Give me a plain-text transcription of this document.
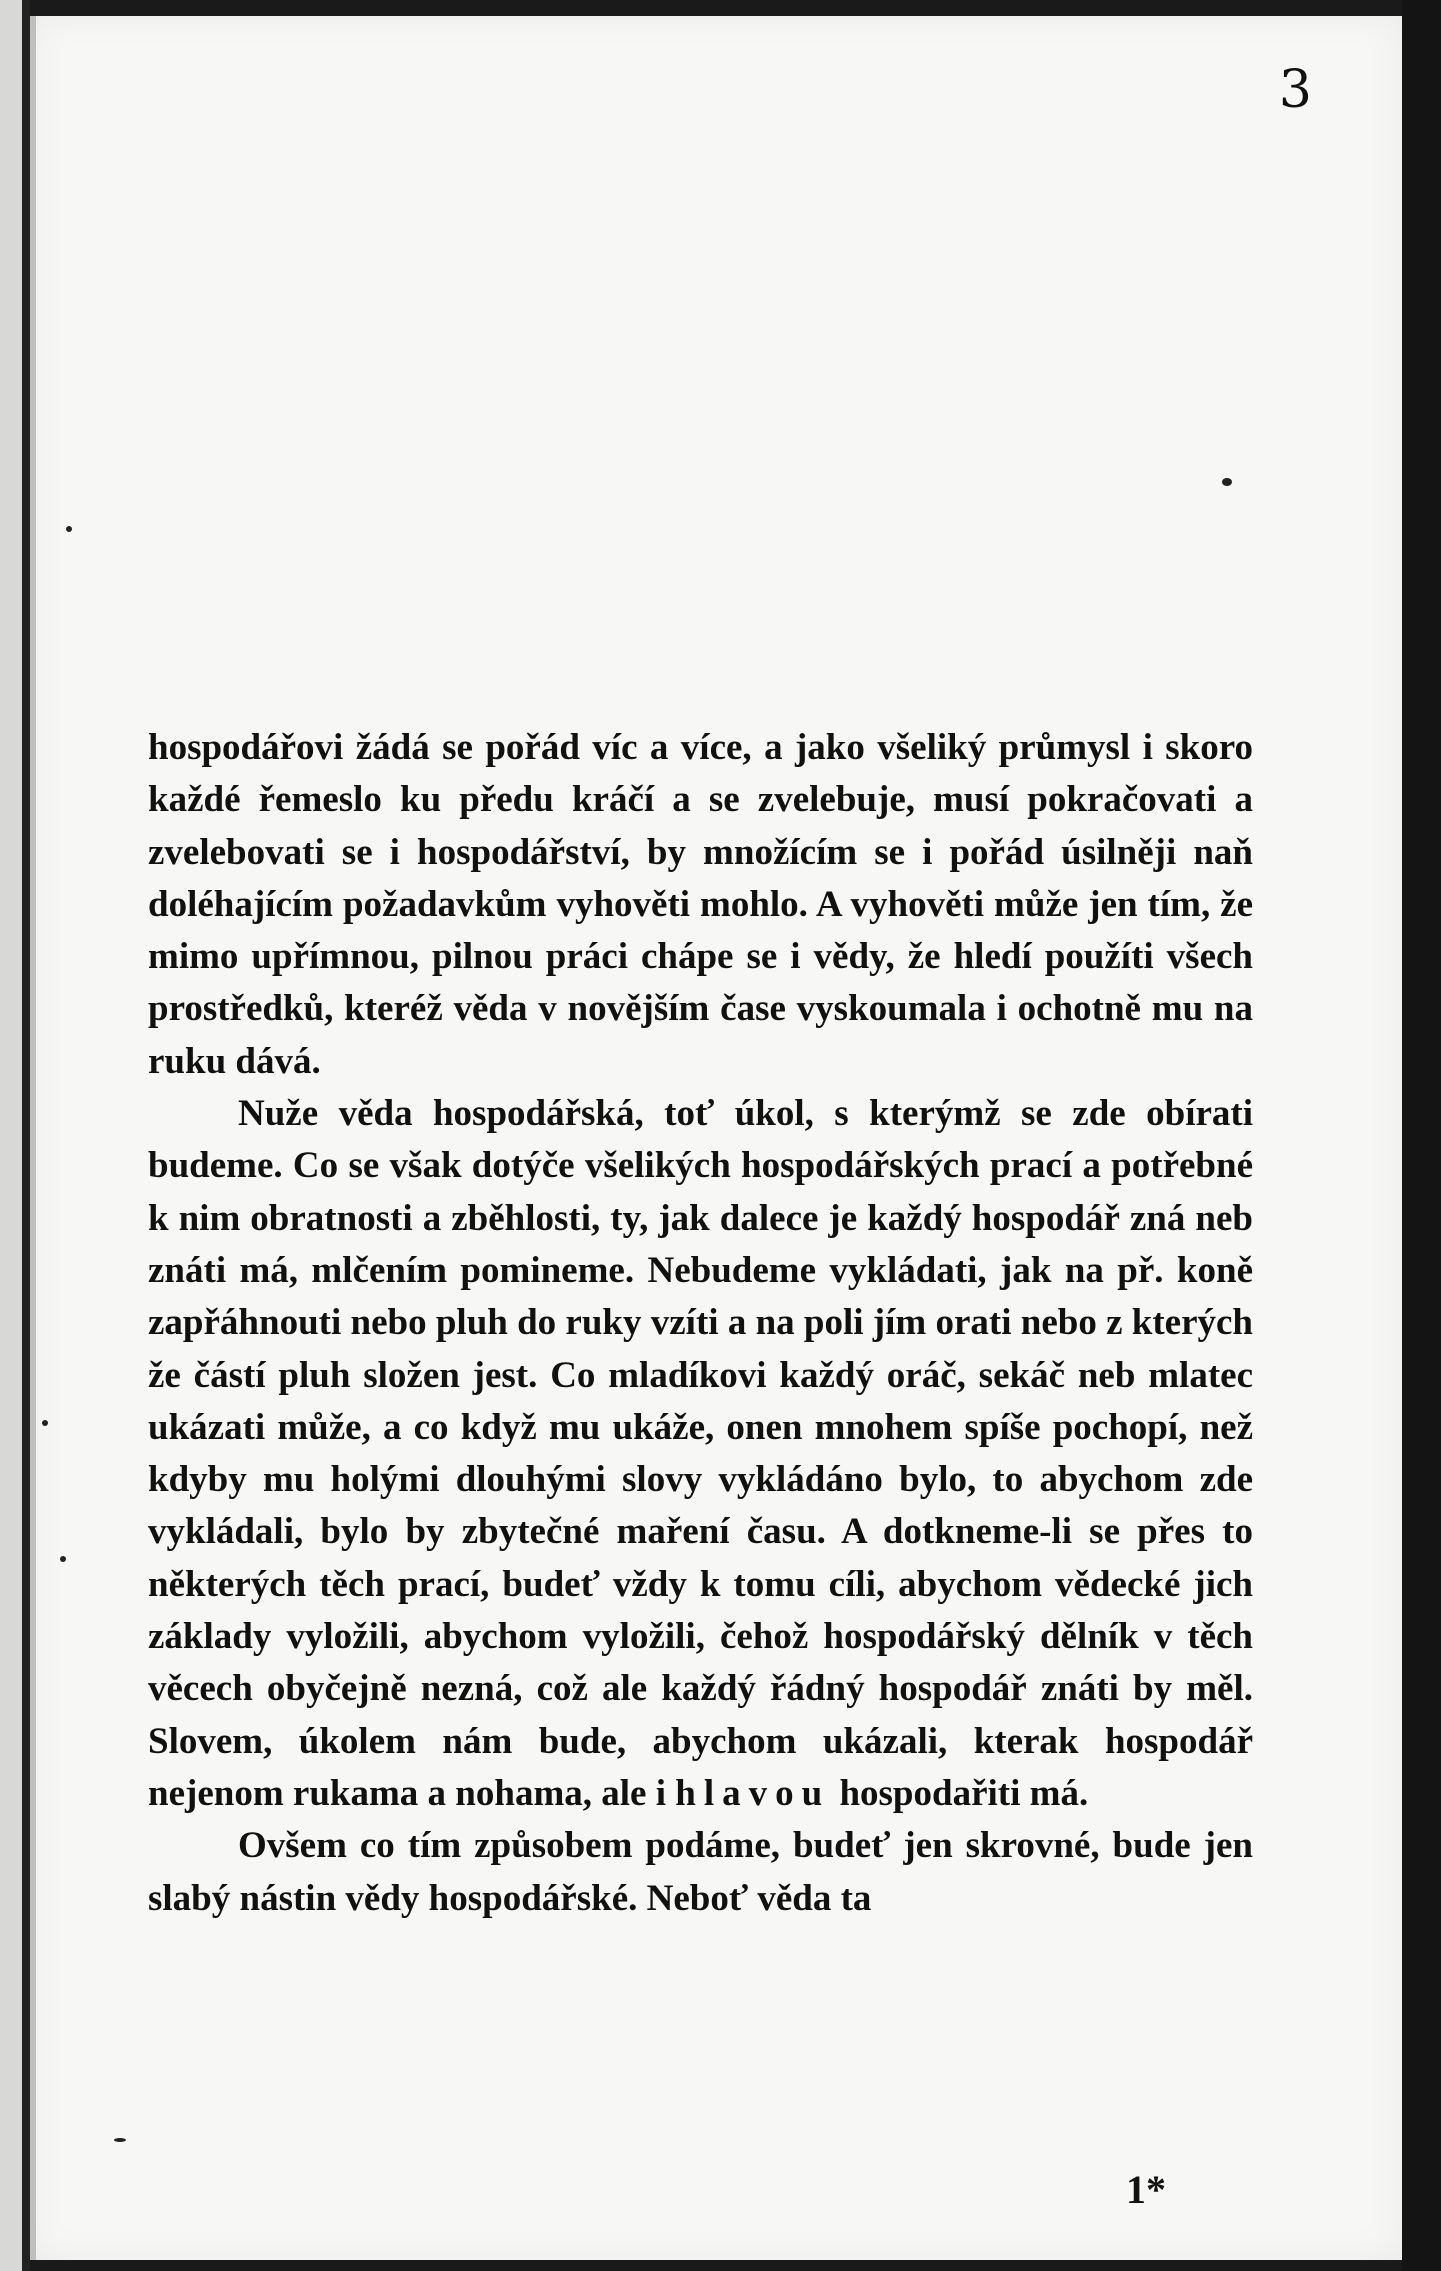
3

hospodářovi žádá se pořád víc a více, a jako všeliký průmysl i skoro každé řemeslo ku předu kráčí a se zvelebuje, musí pokračovati a zvelebovati se i hospodářství, by množícím se i pořád úsilněji naň doléhajícím požadavkům vyhověti mohlo. A vyhověti může jen tím, že mimo upřímnou, pilnou práci chápe se i vědy, že hledí použíti všech prostředků, kteréž věda v novějším čase vyskoumala i ochotně mu na ruku dává.

Nuže věda hospodářská, toť úkol, s kterýmž se zde obírati budeme. Co se však dotýče všelikých hospodářských prací a potřebné k nim obratnosti a zběhlosti, ty, jak dalece je každý hospodář zná neb znáti má, mlčením pomineme. Nebudeme vykládati, jak na př. koně zapřáhnouti nebo pluh do ruky vzíti a na poli jím orati nebo z kterých že částí pluh složen jest. Co mladíkovi každý oráč, sekáč neb mlatec ukázati může, a co když mu ukáže, onen mnohem spíše pochopí, než kdyby mu holými dlouhými slovy vykládáno bylo, to abychom zde vykládali, bylo by zbytečné maření času. A dotkneme-li se přes to některých těch prací, budeť vždy k tomu cíli, abychom vědecké jich základy vyložili, abychom vyložili, čehož hospodářský dělník v těch věcech obyčejně nezná, což ale každý řádný hospodář znáti by měl. Slovem, úkolem nám bude, abychom ukázali, kterak hospodář nejenom rukama a nohama, ale i hlavou hospodařiti má.

Ovšem co tím způsobem podáme, budeť jen skrovné, bude jen slabý nástin vědy hospodářské. Neboť věda ta

1*
